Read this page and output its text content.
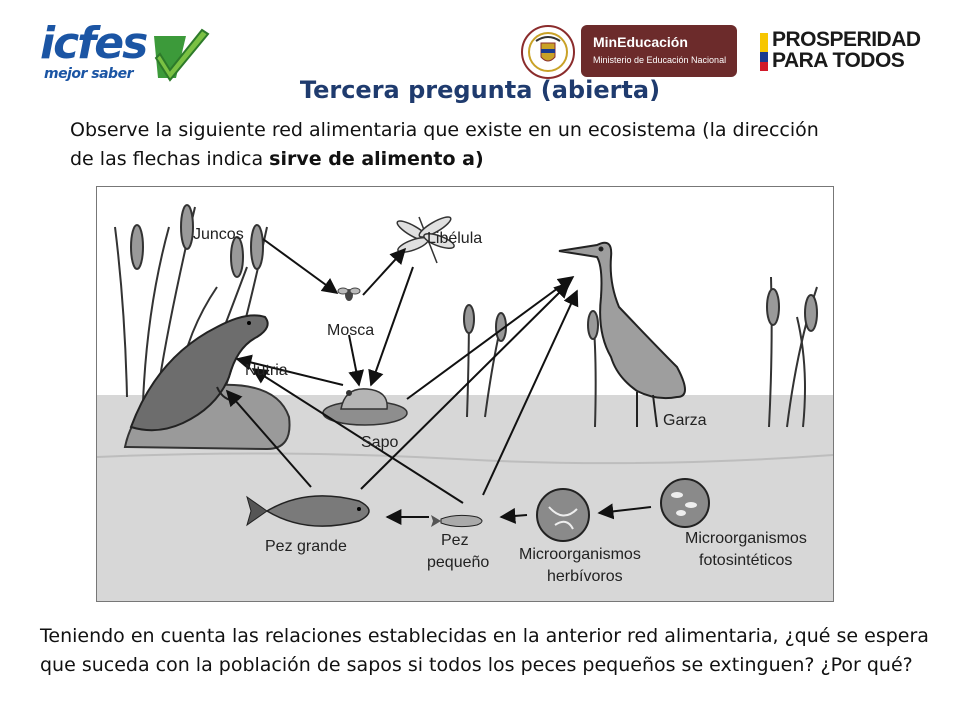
icfes
mejor saber
MinEducación
Ministerio de Educación Nacional
PROSPERIDAD
PARA TODOS
Tercera pregunta (abierta)
Observe la siguiente red alimentaria que existe en un ecosistema (la dirección de las flechas indica sirve de alimento a)
Juncos	Libélula
Mosca
Nutria
Sapo
Garza
Pez grande	Pez
pequeño Microorganismos
herbívoros
Microorganismos
fotosintéticos
Teniendo en cuenta las relaciones establecidas en la anterior red alimentaria, ¿qué se espera que suceda con la población de sapos si todos los peces pequeños se extinguen? ¿Por qué?
